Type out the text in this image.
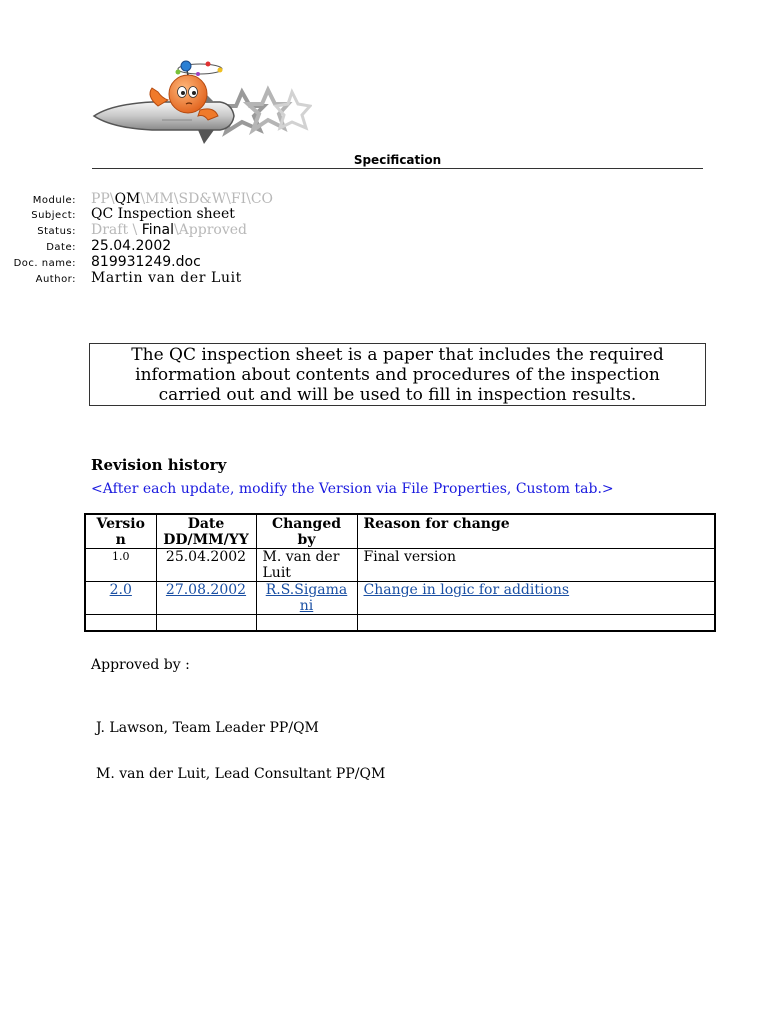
Specification
Module: PP\QM\MM\SD&W\FI\CO
Subject: QC Inspection sheet
Status: Draft \ Final\Approved
Date: 25.04.2002
Doc. name: 819931249.doc
Author: Martin van der Luit

The QC inspection sheet is a paper that includes the required information about contents and procedures of the inspection carried out and will be used to fill in inspection results.

Revision history
<After each update, modify the Version via File Properties, Custom tab.>
Version	Date DD/MM/YY	Changed by	Reason for change
1.0	25.04.2002	M. van der Luit	Final version
2.0	27.08.2002	R.S.Sigamani	Change in logic for additions

Approved by :
J. Lawson, Team Leader PP/QM
M. van der Luit, Lead Consultant PP/QM
